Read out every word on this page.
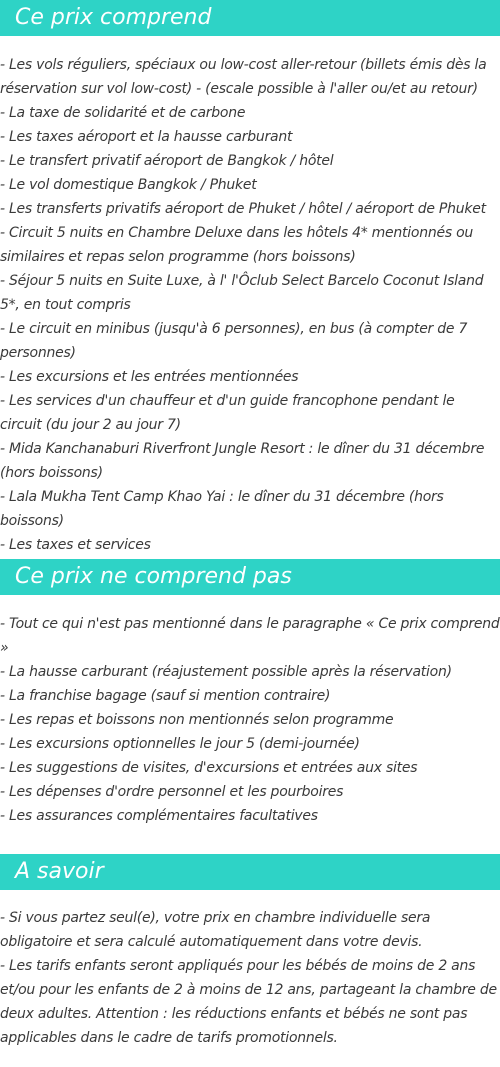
Ce prix comprend
- Les vols réguliers, spéciaux ou low-cost aller-retour (billets émis dès la réservation sur vol low-cost) - (escale possible à l'aller ou/et au retour)
- La taxe de solidarité et de carbone
- Les taxes aéroport et la hausse carburant
- Le transfert privatif aéroport de Bangkok / hôtel
- Le vol domestique Bangkok / Phuket
- Les transferts privatifs aéroport de Phuket / hôtel / aéroport de Phuket
- Circuit 5 nuits en Chambre Deluxe dans les hôtels 4* mentionnés ou similaires et repas selon programme (hors boissons)
- Séjour 5 nuits en Suite Luxe, à l' l'Ôclub Select Barcelo Coconut Island 5*, en tout compris
- Le circuit en minibus (jusqu'à 6 personnes), en bus (à compter de 7 personnes)
- Les excursions et les entrées mentionnées
- Les services d'un chauffeur et d'un guide francophone pendant le circuit (du jour 2 au jour 7)
- Mida Kanchanaburi Riverfront Jungle Resort : le dîner du 31 décembre (hors boissons)
- Lala Mukha Tent Camp Khao Yai : le dîner du 31 décembre (hors boissons)
- Les taxes et services
Ce prix ne comprend pas
- Tout ce qui n'est pas mentionné dans le paragraphe « Ce prix comprend »
- La hausse carburant (réajustement possible après la réservation)
- La franchise bagage (sauf si mention contraire)
- Les repas et boissons non mentionnés selon programme
- Les excursions optionnelles le jour 5 (demi-journée)
- Les suggestions de visites, d'excursions et entrées aux sites
- Les dépenses d'ordre personnel et les pourboires
- Les assurances complémentaires facultatives
A savoir
- Si vous partez seul(e), votre prix en chambre individuelle sera obligatoire et sera calculé automatiquement dans votre devis.
- Les tarifs enfants seront appliqués pour les bébés de moins de 2 ans et/ou pour les enfants de 2 à moins de 12 ans, partageant la chambre de deux adultes. Attention : les réductions enfants et bébés ne sont pas applicables dans le cadre de tarifs promotionnels.
